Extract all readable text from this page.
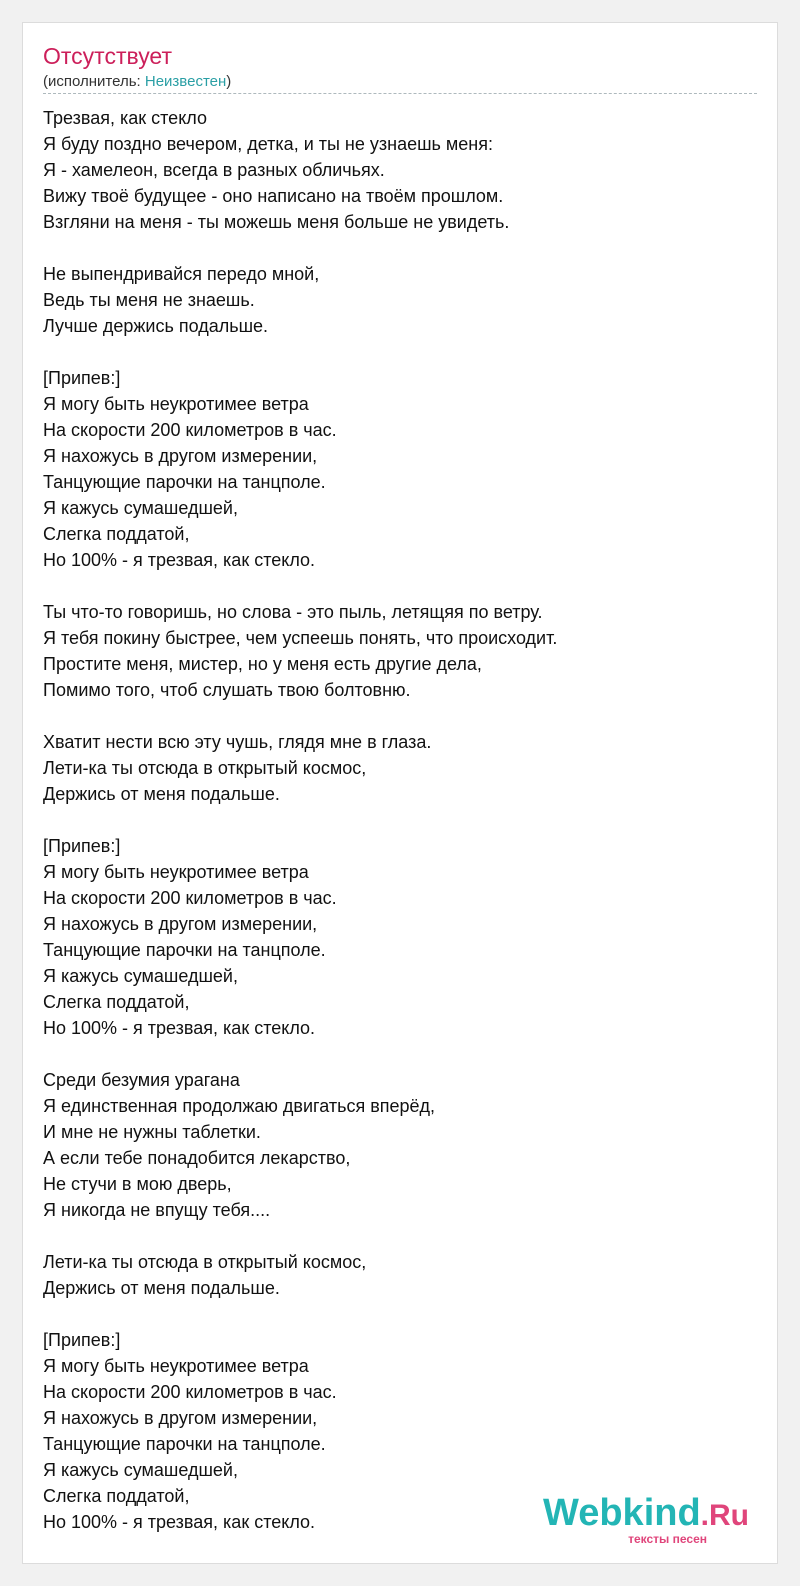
Отсутствует
(исполнитель: Неизвестен)
Трезвая, как стекло
Я буду поздно вечером, детка, и ты не узнаешь меня:
Я - хамелеон, всегда в разных обличьях.
Вижу твоё будущее - оно написано на твоём прошлом.
Взгляни на меня - ты можешь меня больше не увидеть.
Не выпендривайся передо мной,
Ведь ты меня не знаешь.
Лучше держись подальше.
[Припев:]
Я могу быть неукротимее ветра
На скорости 200 километров в час.
Я нахожусь в другом измерении,
Танцующие парочки на танцполе.
Я кажусь сумашедшей,
Слегка поддатой,
Но 100% - я трезвая, как стекло.
Ты что-то говоришь, но слова - это пыль, летящяя по ветру.
Я тебя покину быстрее, чем успеешь понять, что происходит.
Простите меня, мистер, но у меня есть другие дела,
Помимо того, чтоб слушать твою болтовню.
Хватит нести всю эту чушь, глядя мне в глаза.
Лети-ка ты отсюда в открытый космос,
Держись от меня подальше.
[Припев:]
Я могу быть неукротимее ветра
На скорости 200 километров в час.
Я нахожусь в другом измерении,
Танцующие парочки на танцполе.
Я кажусь сумашедшей,
Слегка поддатой,
Но 100% - я трезвая, как стекло.
Среди безумия урагана
Я единственная продолжаю двигаться вперёд,
И мне не нужны таблетки.
А если тебе понадобится лекарство,
Не стучи в мою дверь,
Я никогда не впущу тебя....
Лети-ка ты отсюда в открытый космос,
Держись от меня подальше.
[Припев:]
Я могу быть неукротимее ветра
На скорости 200 километров в час.
Я нахожусь в другом измерении,
Танцующие парочки на танцполе.
Я кажусь сумашедшей,
Слегка поддатой,
Но 100% - я трезвая, как стекло.	Webkind.Ru
тексты песен
